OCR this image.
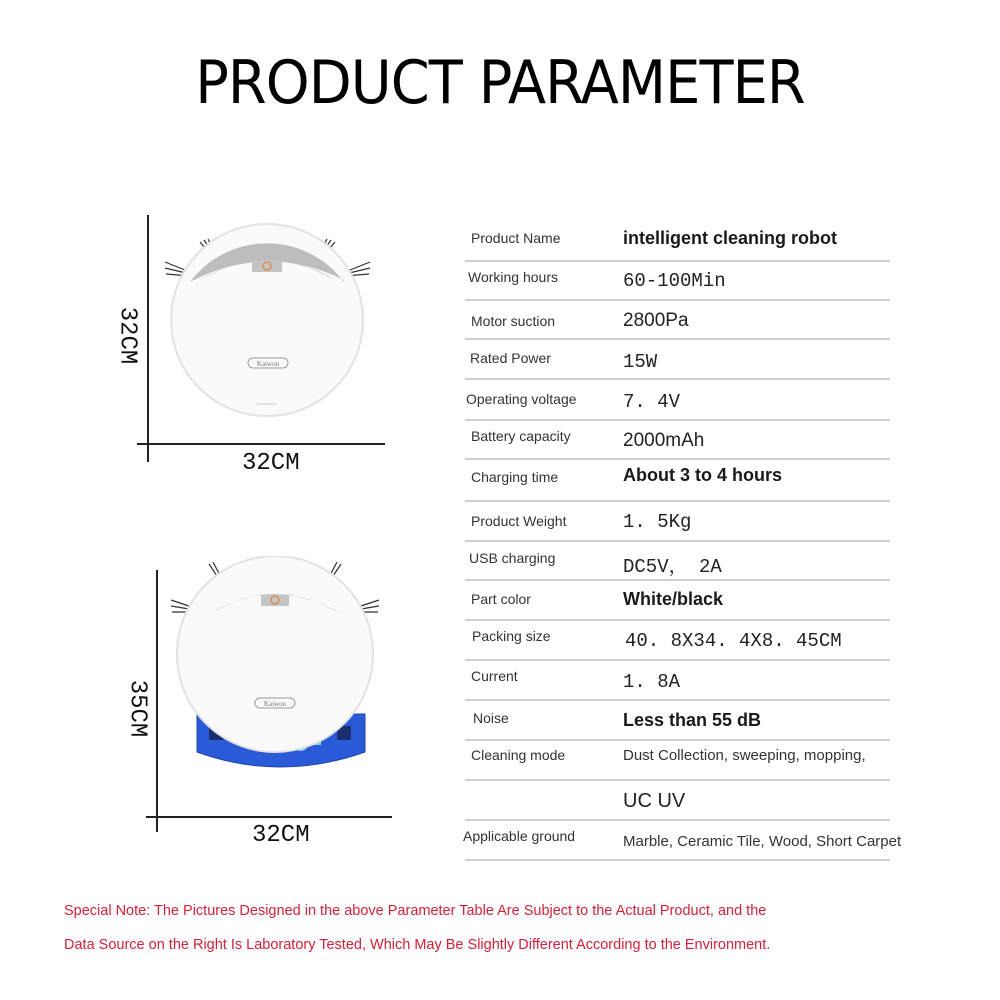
PRODUCT PARAMETER
32CM
32CM
Kaiwon
35CM
32CM
Kaiwon
Product Name	intelligent cleaning robot
Working hours	60-100Min
Motor suction	2800Pa
Rated Power	15W
Operating voltage 7. 4V
Battery capacity	2000mAh
Charging time	About 3 to 4 hours
Product Weight	1. 5Kg
USB charging	DC5V， 2A
Part color	White/black
Packing size	40. 8X34. 4X8. 45CM
Current	1. 8A
Noise	Less than 55 dB
Cleaning mode	Dust Collection, sweeping, mopping,
UC UV
Applicable ground	Marble, Ceramic Tile, Wood, Short Carpet
Special Note: The Pictures Designed in the above Parameter Table Are Subject to the Actual Product, and the
Data Source on the Right Is Laboratory Tested, Which May Be Slightly Different According to the Environment.
